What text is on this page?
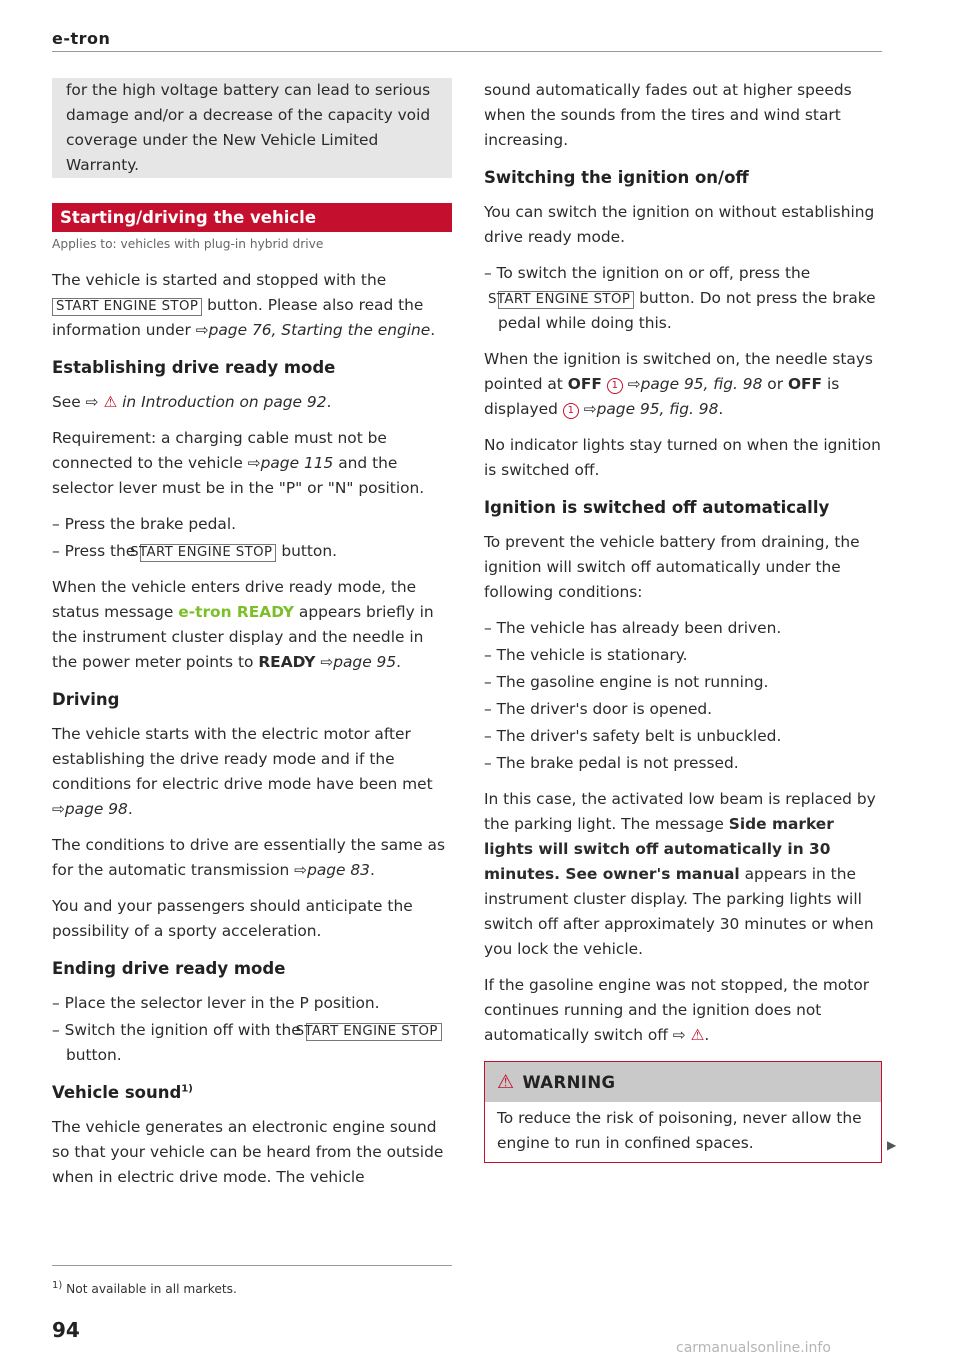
e-tron

for the high voltage battery can lead to serious damage and/or a decrease of the capacity void coverage under the New Vehicle Limited Warranty.

Starting/driving the vehicle
Applies to: vehicles with plug-in hybrid drive

The vehicle is started and stopped with the START ENGINE STOP button. Please also read the information under ⇨page 76, Starting the engine.

Establishing drive ready mode

See ⇨ ⚠ in Introduction on page 92.

Requirement: a charging cable must not be connected to the vehicle ⇨page 115 and the selector lever must be in the "P" or "N" position.

– Press the brake pedal.
– Press the START ENGINE STOP button.

When the vehicle enters drive ready mode, the status message e-tron READY appears briefly in the instrument cluster display and the needle in the power meter points to READY ⇨page 95.

Driving

The vehicle starts with the electric motor after establishing the drive ready mode and if the conditions for electric drive mode have been met ⇨page 98.

The conditions to drive are essentially the same as for the automatic transmission ⇨page 83.

You and your passengers should anticipate the possibility of a sporty acceleration.

Ending drive ready mode
– Place the selector lever in the P position.
– Switch the ignition off with the START ENGINE STOP button.
Vehicle sound$^{1)}$

The vehicle generates an electronic engine sound so that your vehicle can be heard from the outside when in electric drive mode. The vehicle

sound automatically fades out at higher speeds when the sounds from the tires and wind start increasing.

Switching the ignition on/off

You can switch the ignition on without establishing drive ready mode.

– To switch the ignition on or off, press the START ENGINE STOP button. Do not press the brake pedal while doing this.

When the ignition is switched on, the needle stays pointed at OFF 1 ⇨page 95, fig. 98 or OFF is displayed 1 ⇨page 95, fig. 98.

No indicator lights stay turned on when the ignition is switched off.

Ignition is switched off automatically

To prevent the vehicle battery from draining, the ignition will switch off automatically under the following conditions:

– The vehicle has already been driven.
– The vehicle is stationary.
– The gasoline engine is not running.
– The driver's door is opened.
– The driver's safety belt is unbuckled.
– The brake pedal is not pressed.

In this case, the activated low beam is replaced by the parking light. The message Side marker lights will switch off automatically in 30 minutes. See owner's manual appears in the instrument cluster display. The parking lights will switch off after approximately 30 minutes or when you lock the vehicle.

If the gasoline engine was not stopped, the motor continues running and the ignition does not automatically switch off ⇨ ⚠.

⚠ WARNING
To reduce the risk of poisoning, never allow the engine to run in confined spaces.	▶
$^{1)}$ Not available in all markets.
94
carmanualsonline.info
